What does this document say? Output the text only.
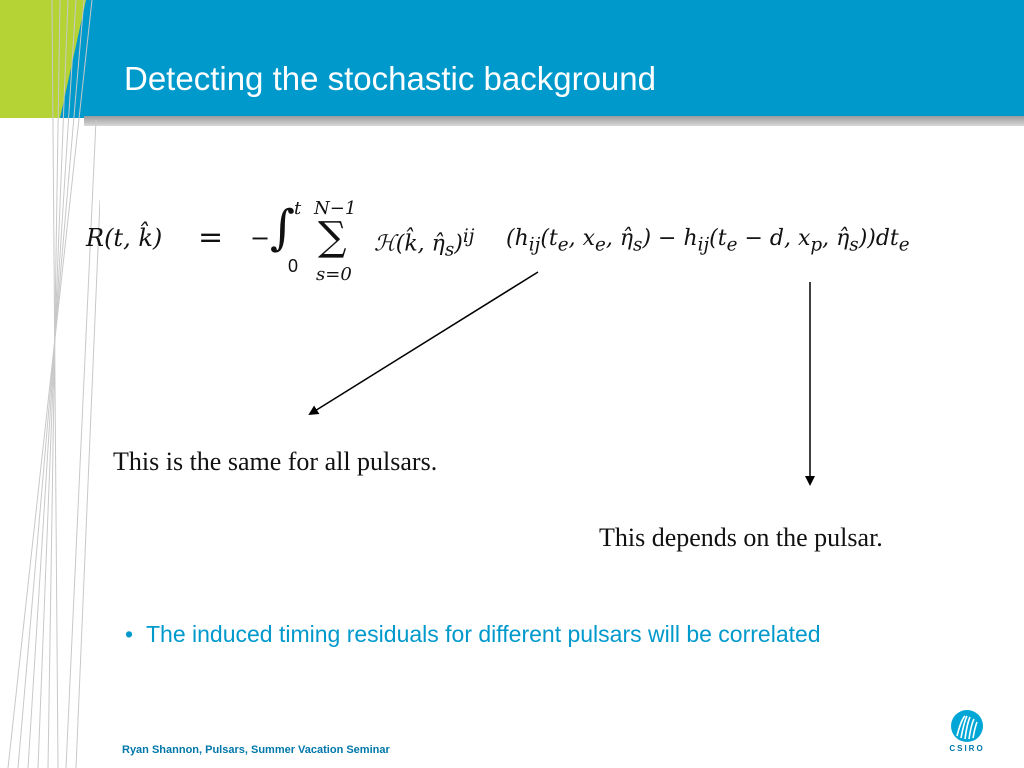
Detecting the stochastic background
R(t, k̂) = − ∫
t
0
N−1
∑
s=0
ℋ(k̂, $\etâ_s)^{ij}$ ($h_{ij}(t_e$, $x_e$, $\etâ_s) - h_{ij}(t_e - d$, $x_p$, $\etâ_s))dt_e$
This is the same for all pulsars.
This depends on the pulsar.
• The induced timing residuals for different pulsars will be correlated
Ryan Shannon, Pulsars, Summer Vacation Seminar	CSIRO
